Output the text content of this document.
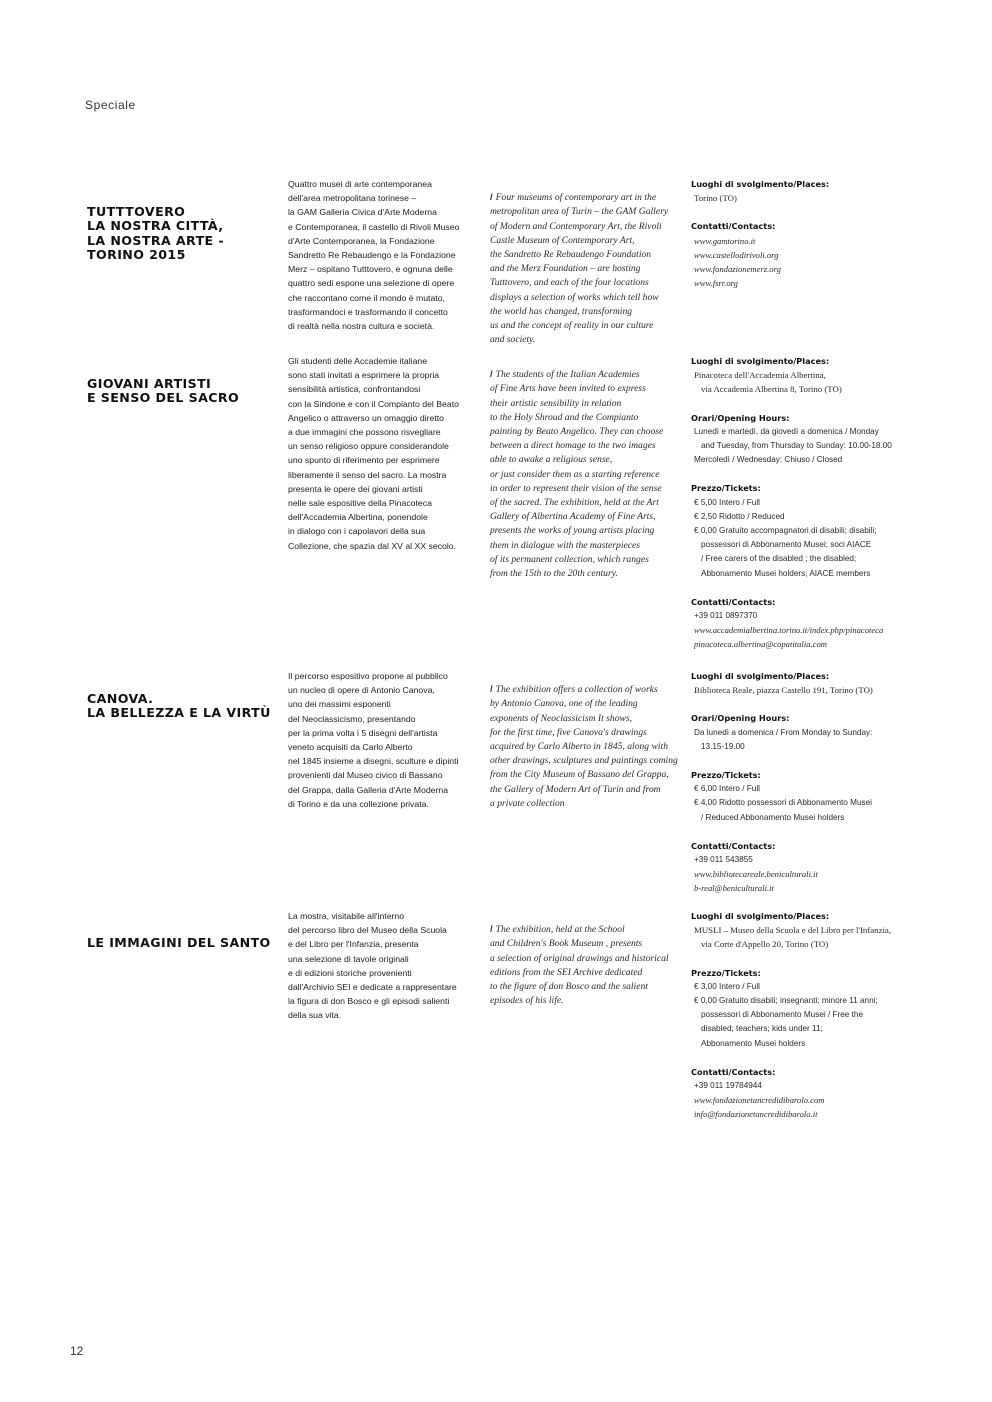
Speciale
TUTTTOVERO
LA NOSTRA CITTÀ,
LA NOSTRA ARTE -
TORINO 2015
Quattro musei di arte contemporanea
dell'area metropolitana torinese –
la GAM Galleria Civica d'Arte Moderna
e Contemporanea, il castello di Rivoli Museo
d'Arte Contemporanea, la Fondazione
Sandretto Re Rebaudengo e la Fondazione
Merz – ospitano Tutttovero, e ognuna delle
quattro sedi espone una selezione di opere
che raccontano come il mondo è mutato,
trasformandoci e trasformando il concetto
di realtà nella nostra cultura e società.

/ Four museums of contemporary art in the
metropolitan area of Turin – the GAM Gallery
of Modern and Contemporary Art, the Rivoli
Castle Museum of Contemporary Art,
the Sandretto Re Rebaudengo Foundation
and the Merz Foundation – are hosting
Tutttovero, and each of the four locations
displays a selection of works which tell how
the world has changed, transforming
us and the concept of reality in our culture
and society.

Luoghi di svolgimento/Places:
Torino (TO)
Contatti/Contacts:
www.gamtorino.it
www.castellodirivoli.org
www.fondazionemerz.org
www.fsrr.org
GIOVANI ARTISTI
E SENSO DEL SACRO
Gli studenti delle Accademie italiane
sono stati invitati a esprimere la propria
sensibilità artistica, confrontandosi
con la Sindone e con il Compianto del Beato
Angelico o attraverso un omaggio diretto
a due immagini che possono risvegliare
un senso religioso oppure considerandole
uno spunto di riferimento per esprimere
liberamente il senso del sacro. La mostra
presenta le opere dei giovani artisti
nelle sale espositive della Pinacoteca
dell'Accademia Albertina, ponendole
in dialogo con i capolavori della sua
Collezione, che spazia dal XV al XX secolo.

/ The students of the Italian Academies
of Fine Arts have been invited to express
their artistic sensibility in relation
to the Holy Shroud and the Compianto
painting by Beato Angelico. They can choose
between a direct homage to the two images
able to awake a religious sense,
or just consider them as a starting reference
in order to represent their vision of the sense
of the sacred. The exhibition, held at the Art
Gallery of Albertina Academy of Fine Arts,
presents the works of young artists placing
them in dialogue with the masterpieces
of its permanent collection, which ranges
from the 15th to the 20th century.

Luoghi di svolgimento/Places:
Pinacoteca dell'Accademia Albertina,
via Accademia Albertina 8, Torino (TO)
Orari/Opening Hours:
Lunedì e martedì, da giovedì a domenica / Monday
and Tuesday, from Thursday to Sunday: 10.00-18.00
Mercoledì / Wednesday: Chiuso / Closed
Prezzo/Tickets:
€ 5,00 Intero / Full
€ 2,50 Ridotto / Reduced
€ 0,00 Gratuito accompagnatori di disabili; disabili;
possessori di Abbonamento Musei; soci AIACE
/ Free carers of the disabled ; the disabled;
Abbonamento Musei holders; AIACE members
Contatti/Contacts:
+39 011 0897370
www.accademialbertina.torino.it/index.php/pinacoteca
pinacoteca.albertina@copatitalia.com
CANOVA.
LA BELLEZZA E LA VIRTÙ
Il percorso espositivo propone al pubblico
un nucleo di opere di Antonio Canova,
uno dei massimi esponenti
del Neoclassicismo, presentando
per la prima volta i 5 disegni dell'artista
veneto acquisiti da Carlo Alberto
nel 1845 insieme a disegni, sculture e dipinti
provenienti dal Museo civico di Bassano
del Grappa, dalla Galleria d'Arte Moderna
di Torino e da una collezione privata.

/ The exhibition offers a collection of works
by Antonio Canova, one of the leading
exponents of Neoclassicism It shows,
for the first time, five Canova's drawings
acquired by Carlo Alberto in 1845, along with
other drawings, sculptures and paintings coming
from the City Museum of Bassano del Grappa,
the Gallery of Modern Art of Turin and from
a private collection

Luoghi di svolgimento/Places:
Biblioteca Reale, piazza Castello 191, Torino (TO)
Orari/Opening Hours:
Da lunedì a domenica / From Monday to Sunday:
13.15-19.00
Prezzo/Tickets:
€ 6,00 Intero / Full
€ 4,00 Ridotto possessori di Abbonamento Musei
/ Reduced Abbonamento Musei holders
Contatti/Contacts:
+39 011 543855
www.bibliotecareale.beniculturali.it
b-real@beniculturali.it
LE IMMAGINI DEL SANTO
La mostra, visitabile all'interno
del percorso libro del Museo della Scuola
e del Libro per l'Infanzia, presenta
una selezione di tavole originali
e di edizioni storiche provenienti
dall'Archivio SEI e dedicate a rappresentare
la figura di don Bosco e gli episodi salienti
della sua vita.

/ The exhibition, held at the School
and Children's Book Museum , presents
a selection of original drawings and historical
editions from the SEI Archive dedicated
to the figure of don Bosco and the salient
episodes of his life.

Luoghi di svolgimento/Places:
MUSLI – Museo della Scuola e del Libro per l'Infanzia,
via Corte d'Appello 20, Torino (TO)
Prezzo/Tickets:
€ 3,00 Intero / Full
€ 0,00 Gratuito disabili; insegnanti; minore 11 anni;
possessori di Abbonamento Musei / Free the
disabled; teachers; kids under 11;
Abbonamento Musei holders
Contatti/Contacts:
+39 011 19784944
www.fondazionetancredidibarolo.com
info@fondazionetancredidibarolo.it
12
